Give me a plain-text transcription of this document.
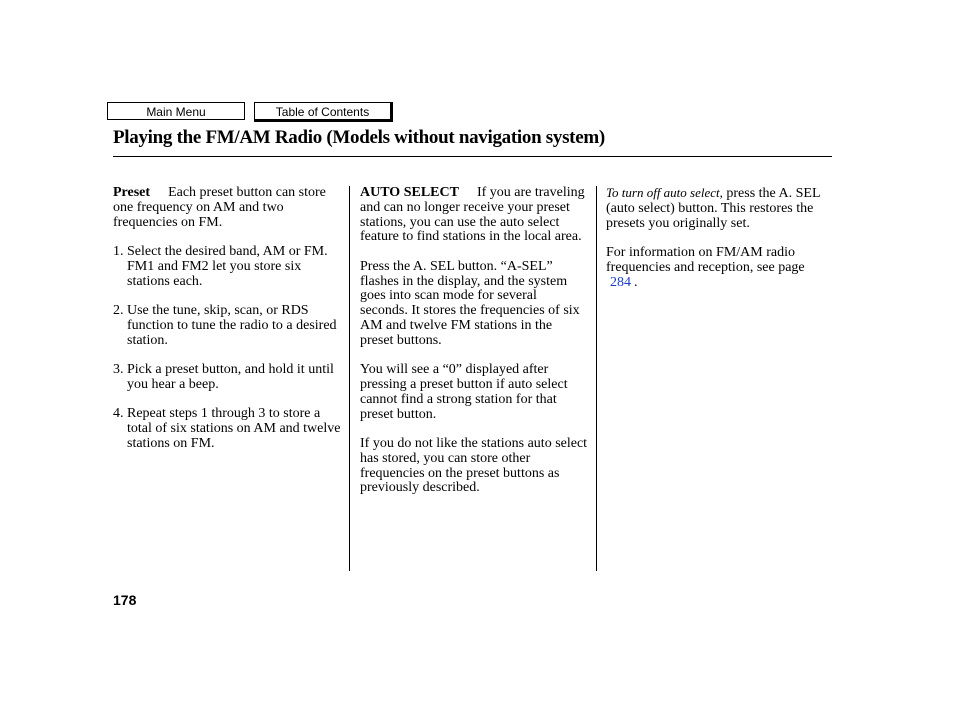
Main Menu	Table of Contents
Playing the FM/AM Radio (Models without navigation system)

Preset Each preset button can store one frequency on AM and two frequencies on FM.

1. Select the desired band, AM or FM. FM1 and FM2 let you store six stations each.
2. Use the tune, skip, scan, or RDS function to tune the radio to a desired station.
3. Pick a preset button, and hold it until you hear a beep.
4. Repeat steps 1 through 3 to store a total of six stations on AM and twelve stations on FM.

AUTO SELECT If you are traveling and can no longer receive your preset stations, you can use the auto select feature to find stations in the local area.

Press the A. SEL button. “A-SEL” flashes in the display, and the system goes into scan mode for several seconds. It stores the frequencies of six AM and twelve FM stations in the preset buttons.

You will see a “0” displayed after pressing a preset button if auto select cannot find a strong station for that preset button.

If you do not like the stations auto select has stored, you can store other frequencies on the preset buttons as previously described.

To turn off auto select, press the A. SEL (auto select) button. This restores the presets you originally set.

For information on FM/AM radio frequencies and reception, see page 284 .

178
